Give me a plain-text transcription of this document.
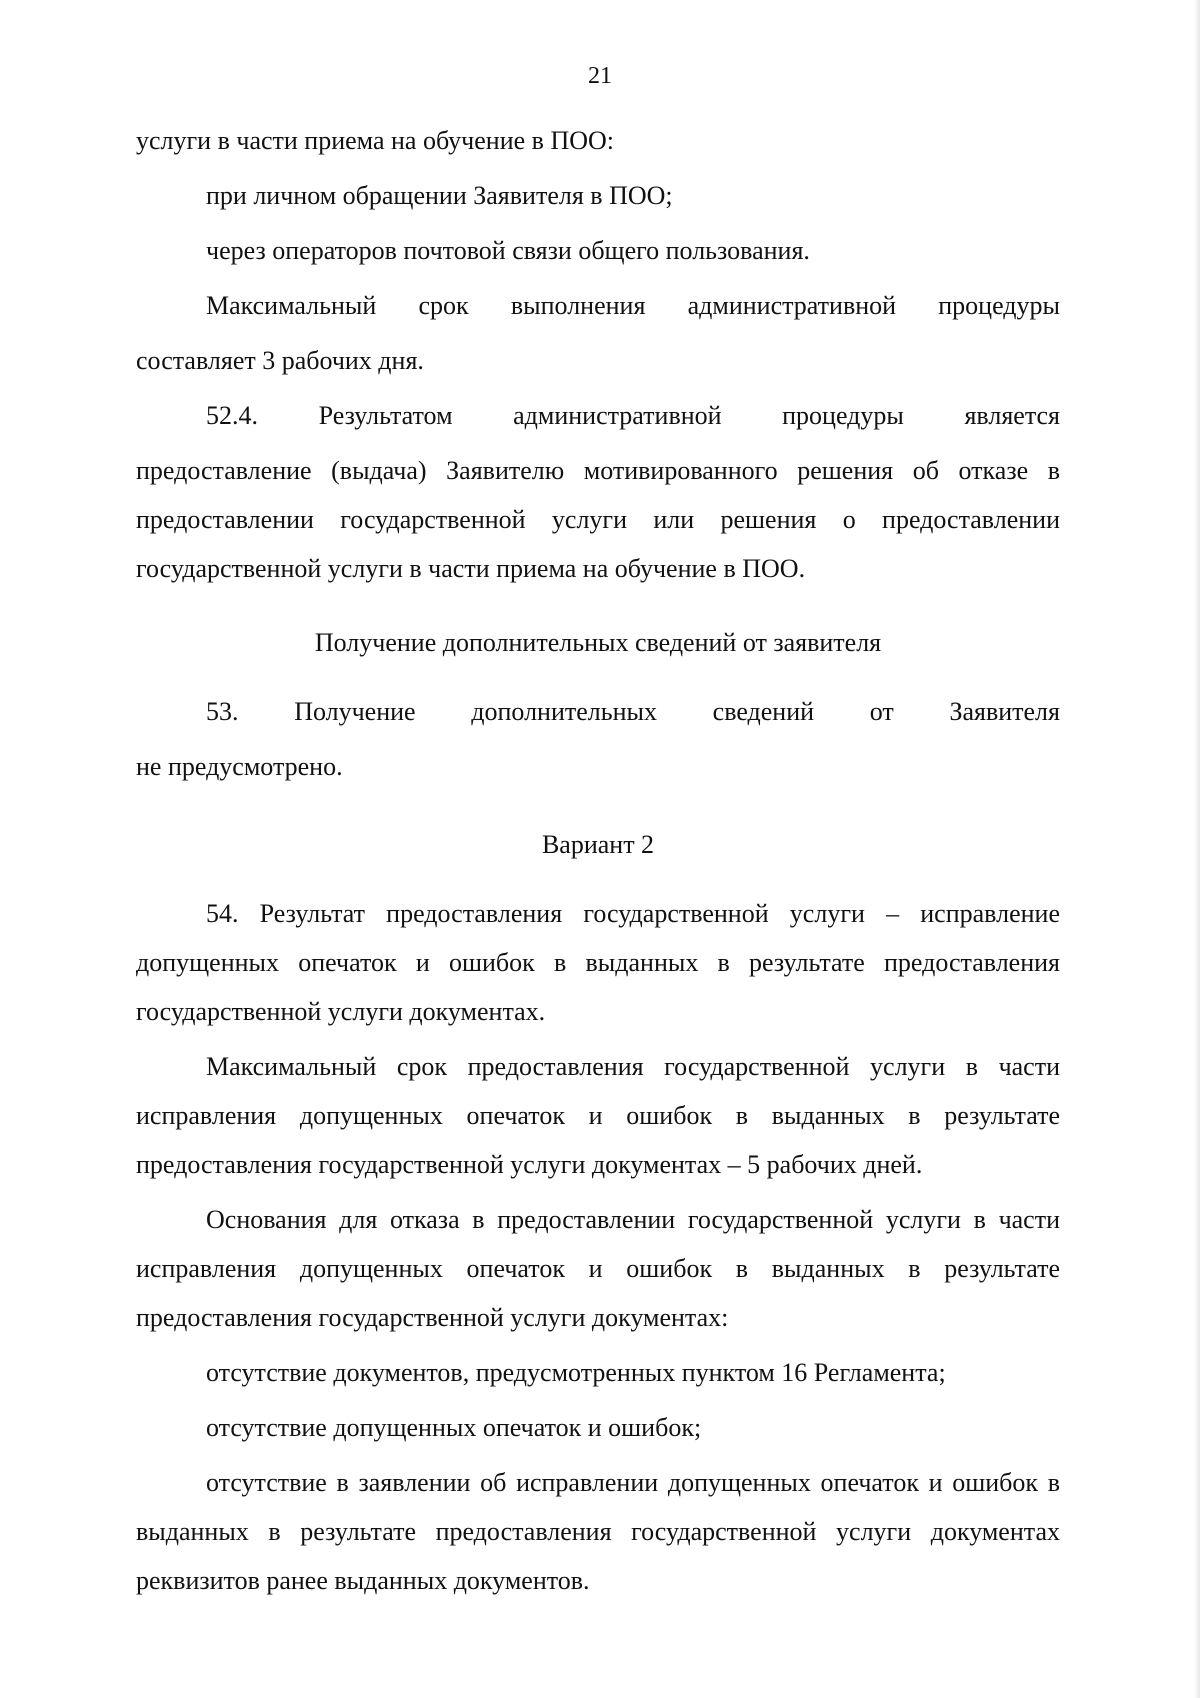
21

услуги в части приема на обучение в ПОО:

при личном обращении Заявителя в ПОО;

через операторов почтовой связи общего пользования.

Максимальный срок выполнения административной процедуры

составляет 3 рабочих дня.

52.4. Результатом административной процедуры является

предоставление (выдача) Заявителю мотивированного решения об отказе в предоставлении государственной услуги или решения о предоставлении государственной услуги в части приема на обучение в ПОО.

Получение дополнительных сведений от заявителя

53. Получение дополнительных сведений от Заявителя

не предусмотрено.

Вариант 2

54. Результат предоставления государственной услуги – исправление допущенных опечаток и ошибок в выданных в результате предоставления государственной услуги документах.

Максимальный срок предоставления государственной услуги в части исправления допущенных опечаток и ошибок в выданных в результате предоставления государственной услуги документах – 5 рабочих дней.

Основания для отказа в предоставлении государственной услуги в части исправления допущенных опечаток и ошибок в выданных в результате предоставления государственной услуги документах:

отсутствие документов, предусмотренных пунктом 16 Регламента;

отсутствие допущенных опечаток и ошибок;

отсутствие в заявлении об исправлении допущенных опечаток и ошибок в выданных в результате предоставления государственной услуги документах реквизитов ранее выданных документов.
